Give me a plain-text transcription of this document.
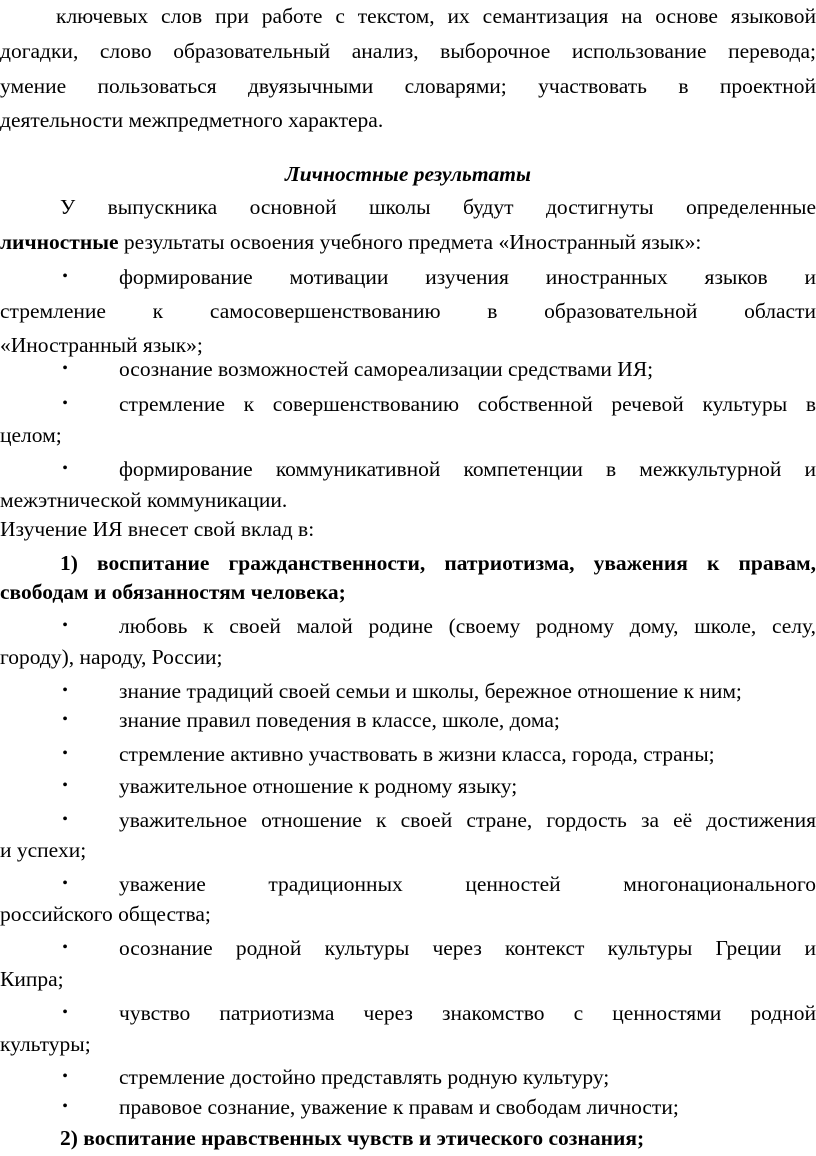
ключевых слов при работе с текстом, их семантизация на основе языковой
догадки, слово образовательный анализ, выборочное использование перевода;
умение пользоваться двуязычными словарями; участвовать в проектной
деятельности межпредметного характера.
Личностные результаты
У выпускника основной школы будут достигнуты определенные
личностные результаты освоения учебного предмета «Иностранный язык»:
•	формирование мотивации изучения иностранных языков и
стремление к самосовершенствованию в образовательной области
«Иностранный язык»;
•	осознание возможностей самореализации средствами ИЯ;
•	стремление к совершенствованию собственной речевой культуры в
целом;
•	формирование коммуникативной компетенции в межкультурной и
межэтнической коммуникации.
Изучение ИЯ внесет свой вклад в:
1) воспитание гражданственности, патриотизма, уважения к правам,
свободам и обязанностям человека;
•	любовь к своей малой родине (своему родному дому, школе, селу,
городу), народу, России;
•	знание традиций своей семьи и школы, бережное отношение к ним;
•	знание правил поведения в классе, школе, дома;
•	стремление активно участвовать в жизни класса, города, страны;
•	уважительное отношение к родному языку;
•	уважительное отношение к своей стране, гордость за её достижения
и успехи;
•	уважение традиционных ценностей многонационального
российского общества;
•	осознание родной культуры через контекст культуры Греции и
Кипра;
•	чувство патриотизма через знакомство с ценностями родной
культуры;
•	стремление достойно представлять родную культуру;
•	правовое сознание, уважение к правам и свободам личности;
2) воспитание нравственных чувств и этического сознания;
